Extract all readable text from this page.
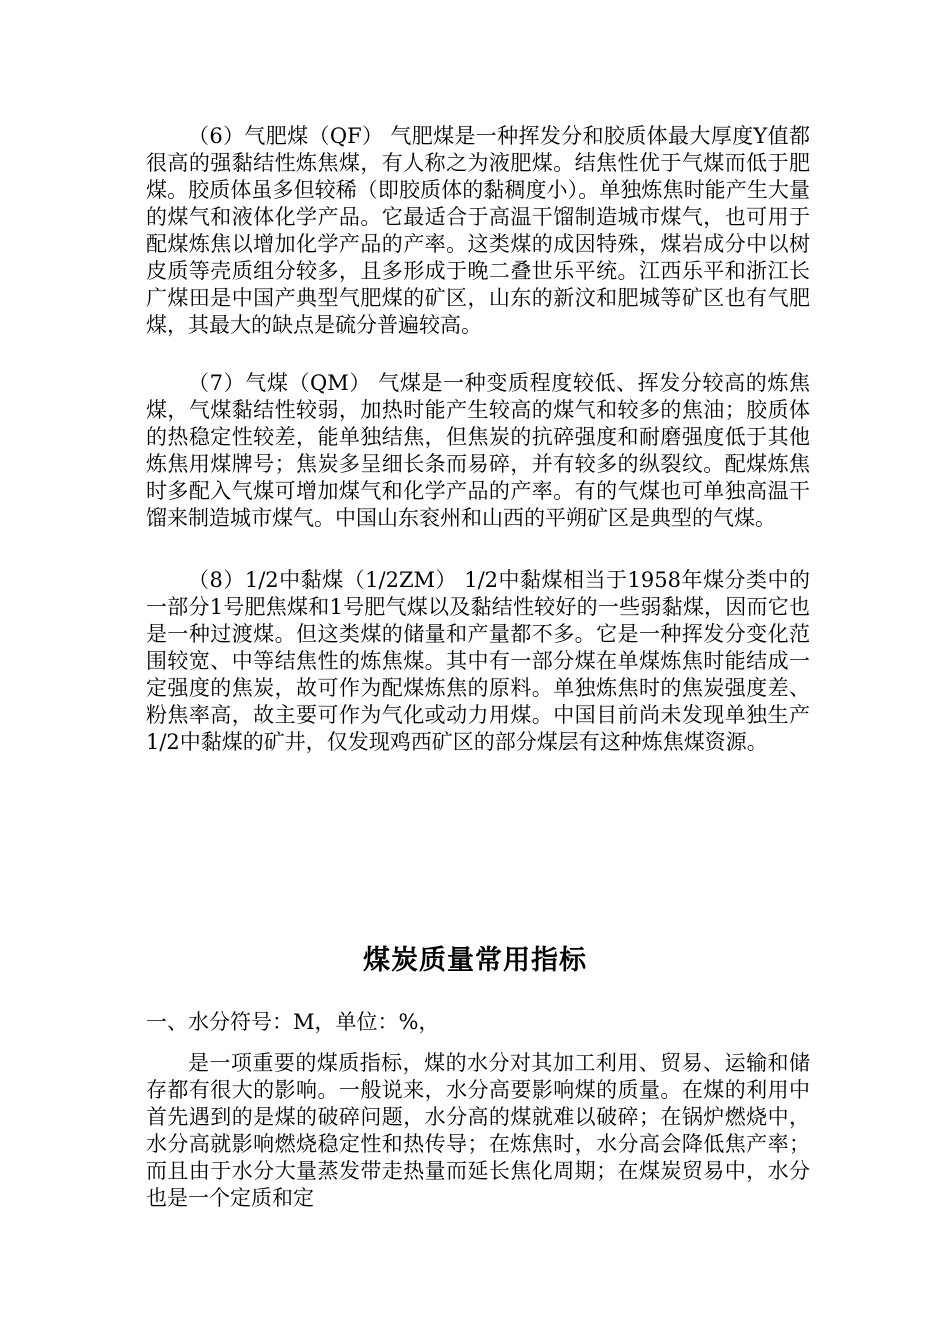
（6）气肥煤（QF） 气肥煤是一种挥发分和胶质体最大厚度Y值都很高的强黏结性炼焦煤，有人称之为液肥煤。结焦性优于气煤而低于肥煤。胶质体虽多但较稀（即胶质体的黏稠度小）。单独炼焦时能产生大量的煤气和液体化学产品。它最适合于高温干馏制造城市煤气，也可用于配煤炼焦以增加化学产品的产率。这类煤的成因特殊，煤岩成分中以树皮质等壳质组分较多，且多形成于晚二叠世乐平统。江西乐平和浙江长广煤田是中国产典型气肥煤的矿区，山东的新汶和肥城等矿区也有气肥煤，其最大的缺点是硫分普遍较高。

（7）气煤（QM） 气煤是一种变质程度较低、挥发分较高的炼焦煤，气煤黏结性较弱，加热时能产生较高的煤气和较多的焦油；胶质体的热稳定性较差，能单独结焦，但焦炭的抗碎强度和耐磨强度低于其他炼焦用煤牌号；焦炭多呈细长条而易碎，并有较多的纵裂纹。配煤炼焦时多配入气煤可增加煤气和化学产品的产率。有的气煤也可单独高温干馏来制造城市煤气。中国山东衮州和山西的平朔矿区是典型的气煤。

（8）1/2中黏煤（1/2ZM） 1/2中黏煤相当于1958年煤分类中的一部分1号肥焦煤和1号肥气煤以及黏结性较好的一些弱黏煤，因而它也是一种过渡煤。但这类煤的储量和产量都不多。它是一种挥发分变化范围较宽、中等结焦性的炼焦煤。其中有一部分煤在单煤炼焦时能结成一定强度的焦炭，故可作为配煤炼焦的原料。单独炼焦时的焦炭强度差、粉焦率高，故主要可作为气化或动力用煤。中国目前尚未发现单独生产1/2中黏煤的矿井，仅发现鸡西矿区的部分煤层有这种炼焦煤资源。

煤炭质量常用指标

一、水分符号：M，单位：%，

是一项重要的煤质指标，煤的水分对其加工利用、贸易、运输和储存都有很大的影响。一般说来，水分高要影响煤的质量。在煤的利用中首先遇到的是煤的破碎问题，水分高的煤就难以破碎；在锅炉燃烧中，水分高就影响燃烧稳定性和热传导；在炼焦时，水分高会降低焦产率；而且由于水分大量蒸发带走热量而延长焦化周期；在煤炭贸易中，水分也是一个定质和定
